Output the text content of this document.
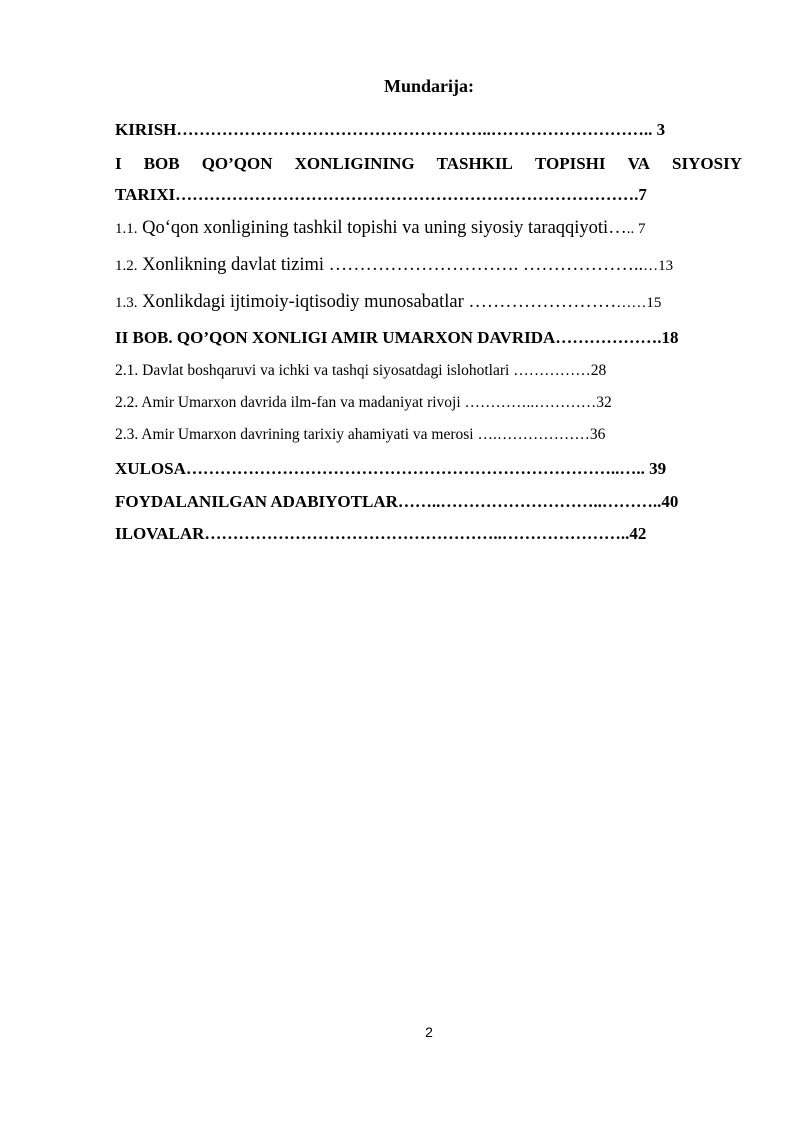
Mundarija:
KIRISH………………………………………………..……………………….. 3
I BOB QO’QON XONLIGINING TASHKIL TOPISHI VA SIYOSIY
TARIXI……………………………………………………………………….7
1.1. Qo‘qon xonligining tashkil topishi va uning siyosiy taraqqiyoti….. 7
1.2. Xonlikning davlat tizimi …………………………. ………………..…13
1.3. Xonlikdagi ijtimoiy-iqtisodiy munosabatlar …………………………15
II BOB. QO’QON XONLIGI AMIR UMARXON DAVRIDA……………….18
2.1. Davlat boshqaruvi va ichki va tashqi siyosatdagi islohotlari ……………28
2.2. Amir Umarxon davrida ilm-fan va madaniyat rivoji …………..…………32
2.3. Amir Umarxon davrining tarixiy ahamiyati va merosi ….………………36
XULOSA…………………………………………………………………..….. 39
FOYDALANILGAN ADABIYOTLAR……..………………………..………..40
ILOVALAR……………………………………………..…………………..42
2
